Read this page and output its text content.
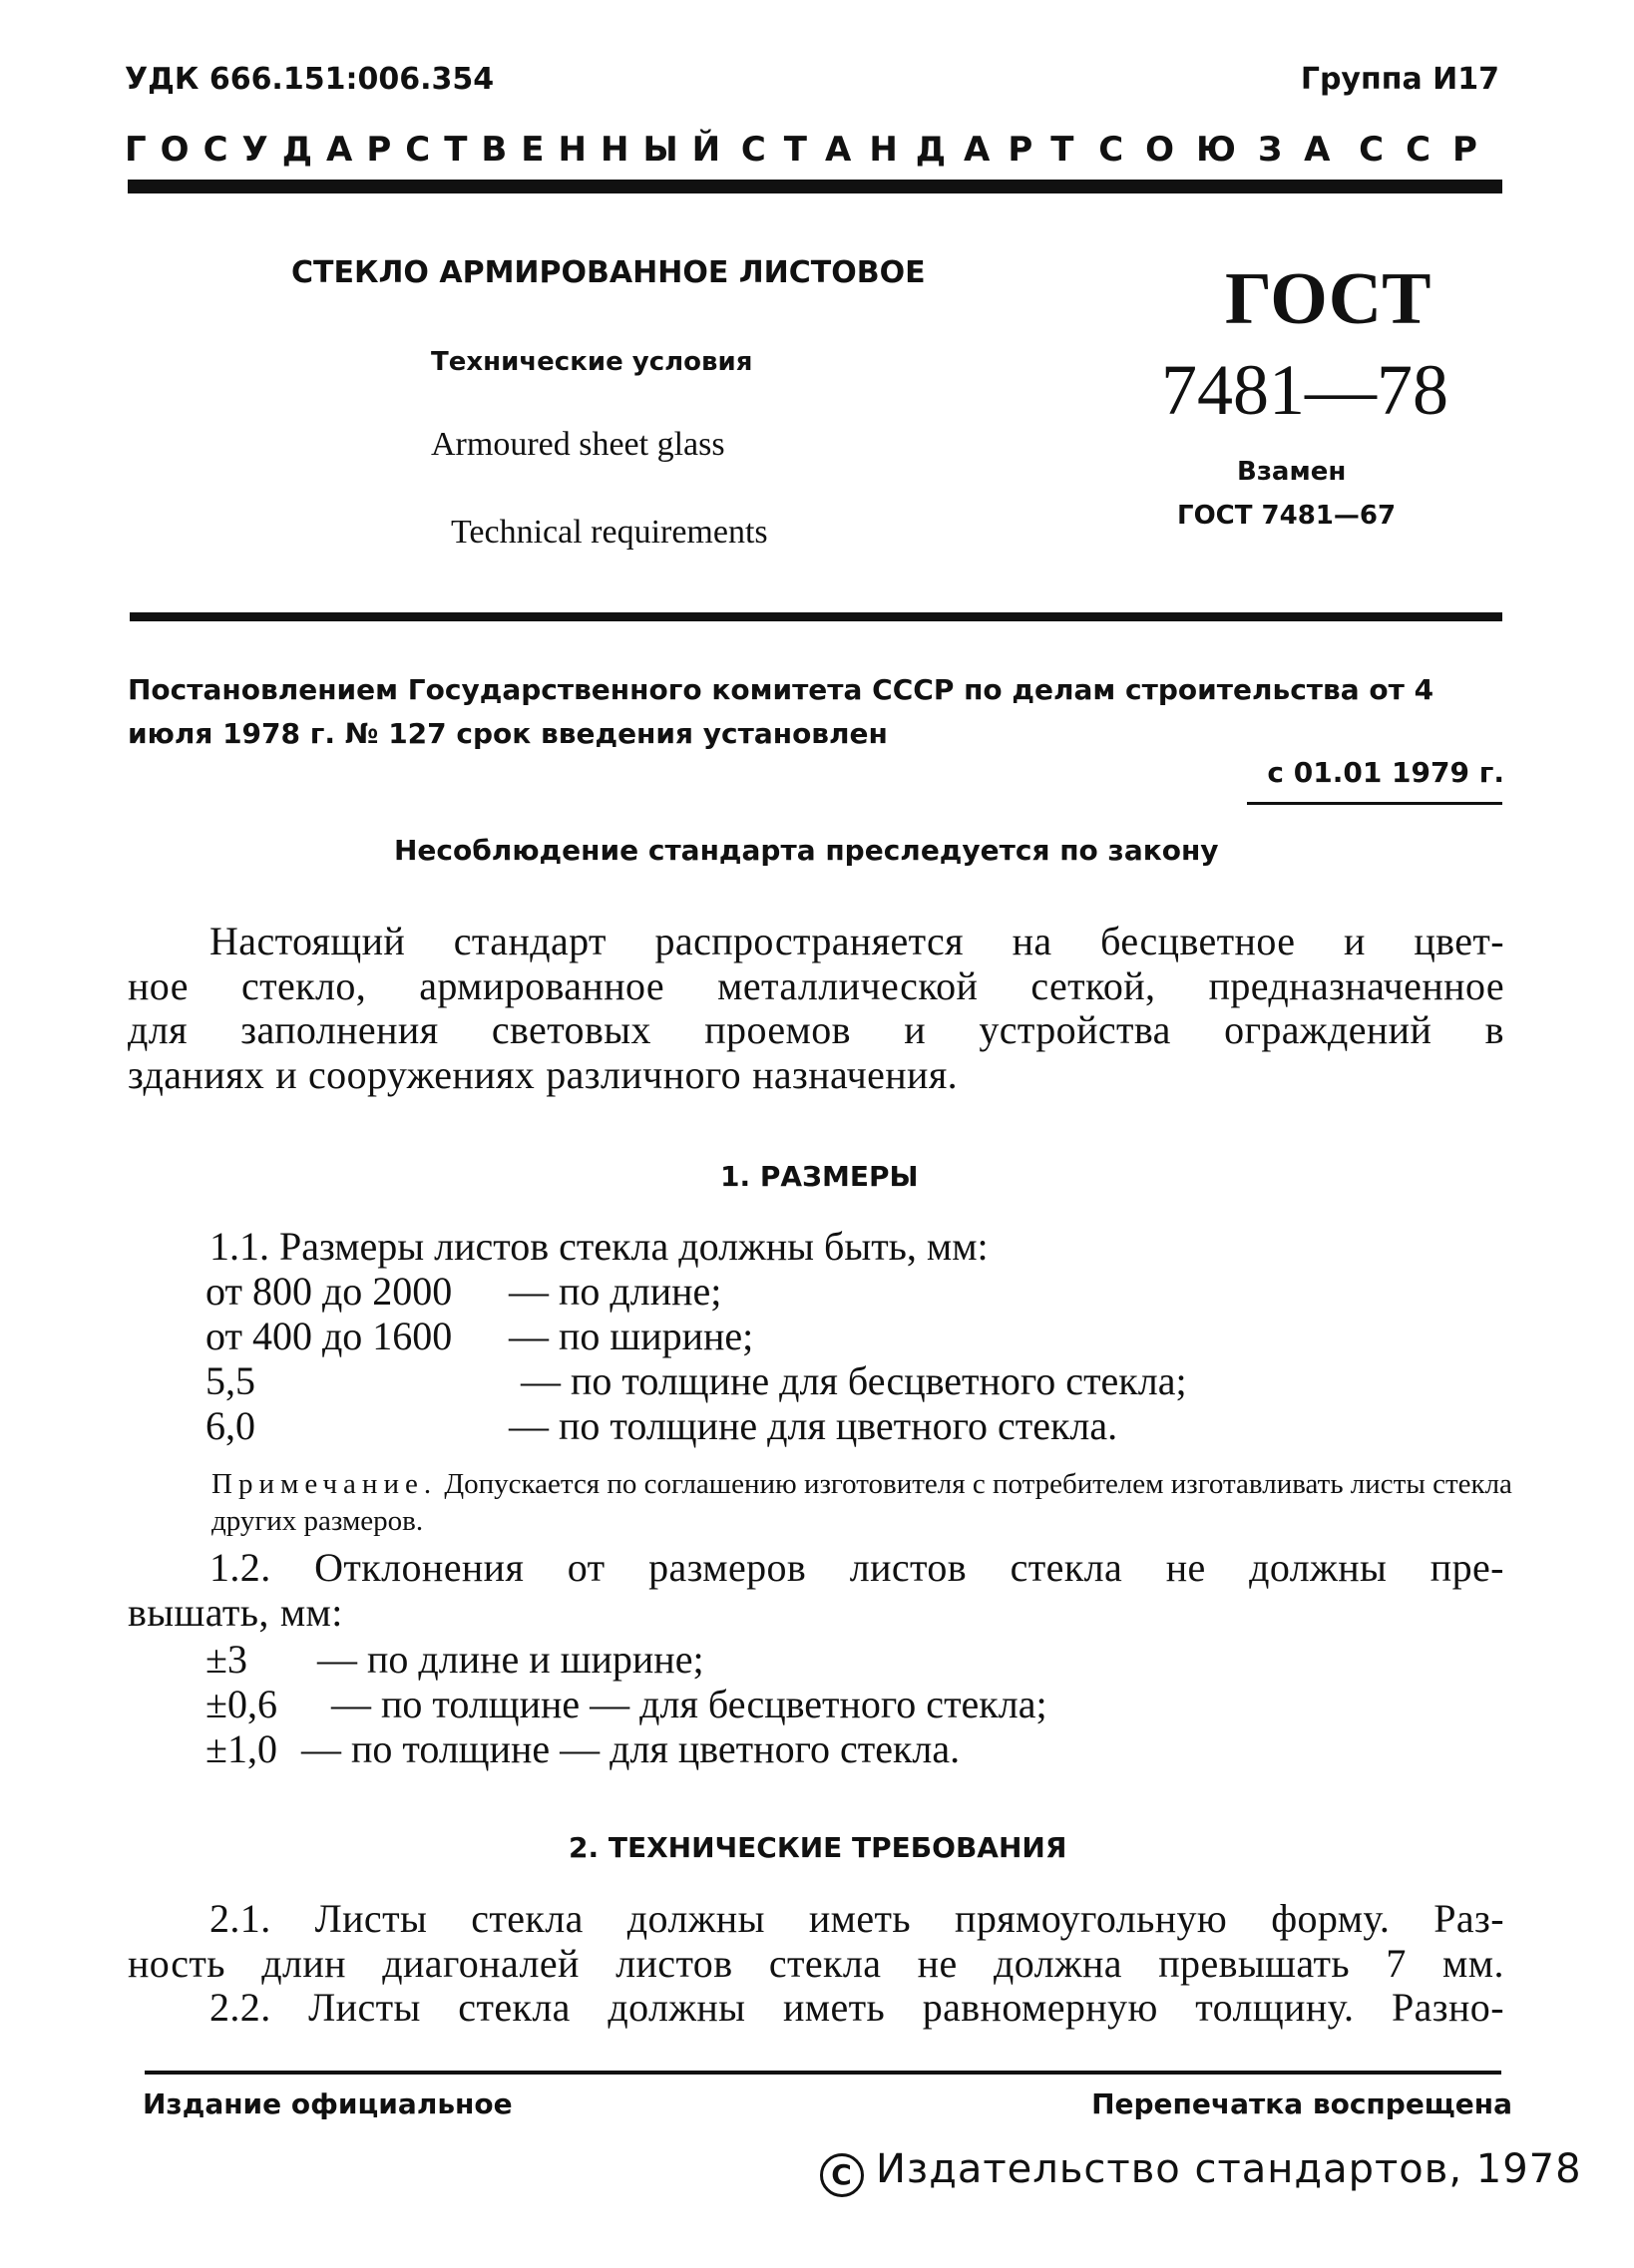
УДК 666.151:006.354	Группа И17
ГОСУДАРСТВЕННЫЙ СТАНДАРТ СОЮЗА ССР
СТЕКЛО АРМИРОВАННОЕ ЛИСТОВОЕ
Технические условия
Armoured sheet glass
Technical requirements
ГОСТ
7481—78
Взамен
ГОСТ 7481—67
Постановлением Государственного комитета СССР по делам строительства от 4 июля 1978 г. № 127 срок введения установлен
с 01.01 1979 г.
Несоблюдение стандарта преследуется по закону
Настоящий стандарт распространяется на бесцветное и цвет-
ное стекло, армированное металлической сеткой, предназначенное
для заполнения световых проемов и устройства ограждений в
зданиях и сооружениях различного назначения.
1. РАЗМЕРЫ
1.1. Размеры листов стекла должны быть, мм:
от 800 до 2000 — по длине;
от 400 до 1600 — по ширине;
5,5	— по толщине для бесцветного стекла;
6,0	— по толщине для цветного стекла.
Примечание. Допускается по соглашению изготовителя с потребителем изготавливать листы стекла других размеров.
1.2. Отклонения от размеров листов стекла не должны пре-
вышать, мм:
±3 — по длине и ширине;
±0,6 — по толщине — для бесцветного стекла;
±1,0 — по толщине — для цветного стекла.
2. ТЕХНИЧЕСКИЕ ТРЕБОВАНИЯ
2.1. Листы стекла должны иметь прямоугольную форму. Раз-
ность длин диагоналей листов стекла не должна превышать 7 мм.
2.2. Листы стекла должны иметь равномерную толщину. Разно-
Издание официальное	Перепечатка воспрещена
C Издательство стандартов, 1978
